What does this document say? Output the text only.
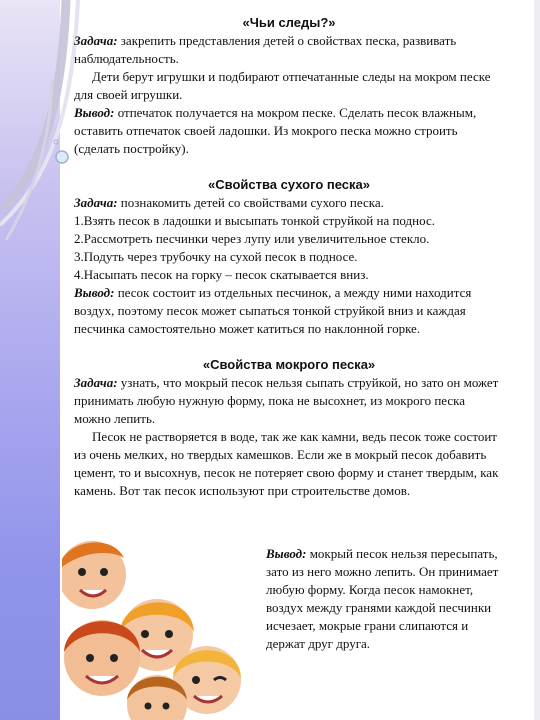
«Чьи следы?»

Задача: закрепить представления детей о свойствах песка, развивать наблюдательность.

Дети берут игрушки и подбирают отпечатанные следы на мокром песке для своей игрушки.

Вывод: отпечаток получается на мокром песке. Сделать песок влажным, оставить отпечаток своей ладошки. Из мокрого песка можно строить (сделать постройку).

«Свойства сухого песка»

Задача: познакомить детей со свойствами сухого песка.

1.Взять песок в ладошки и высыпать тонкой струйкой на поднос.

2.Рассмотреть песчинки через лупу или увеличительное стекло.

3.Подуть через трубочку на сухой песок в подносе.

4.Насыпать песок на горку – песок скатывается вниз.

Вывод: песок состоит из отдельных песчинок, а между ними находится воздух, поэтому песок может сыпаться тонкой струйкой вниз и каждая песчинка самостоятельно может катиться по наклонной горке.

«Свойства мокрого песка»

Задача: узнать, что мокрый песок нельзя сыпать струйкой, но зато он может принимать любую нужную форму, пока не высохнет, из мокрого песка можно лепить.

Песок не растворяется в воде, так же как камни, ведь песок тоже состоит из очень мелких, но твердых камешков. Если же в мокрый песок добавить цемент, то и высохнув, песок не потеряет свою форму и станет твердым, как камень. Вот так песок используют при строительстве домов.

Вывод: мокрый песок нельзя пересыпать, зато из него можно лепить. Он принимает любую форму. Когда песок намокнет, воздух между гранями каждой песчинки исчезает, мокрые грани слипаются и держат друг друга.
